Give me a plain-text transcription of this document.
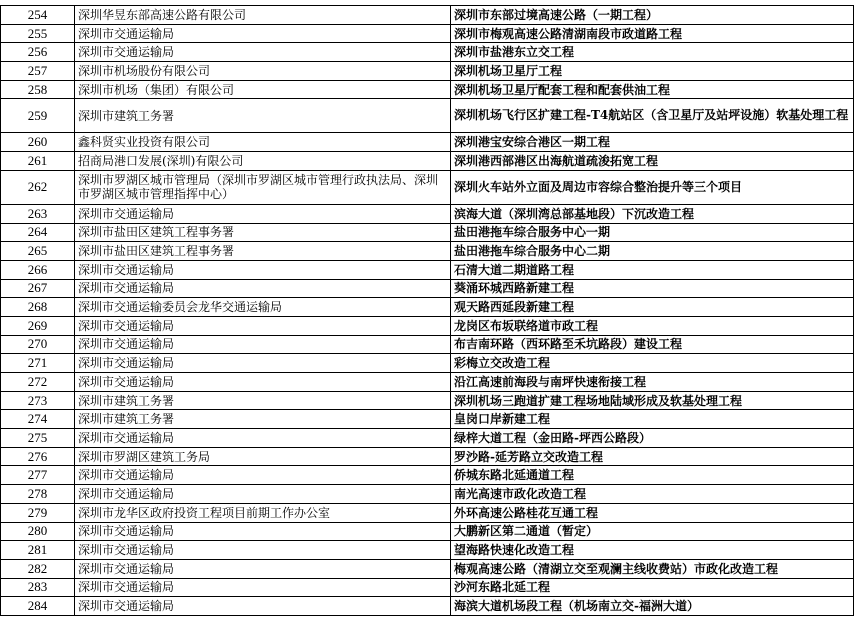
254	深圳华昱东部高速公路有限公司	深圳市东部过境高速公路（一期工程）
255	深圳市交通运输局	深圳市梅观高速公路清湖南段市政道路工程
256	深圳市交通运输局	深圳市盐港东立交工程
257	深圳市机场股份有限公司	深圳机场卫星厅工程
258	深圳市机场（集团）有限公司	深圳机场卫星厅配套工程和配套供油工程
259	深圳市建筑工务署	深圳机场飞行区扩建工程-T4航站区（含卫星厅及站坪设施）软基处理工程
260	鑫科贤实业投资有限公司	深圳港宝安综合港区一期工程
261	招商局港口发展(深圳)有限公司	深圳港西部港区出海航道疏浚拓宽工程
262	深圳市罗湖区城市管理局（深圳市罗湖区城市管理行政执法局、深圳市罗湖区城市管理指挥中心）	深圳火车站外立面及周边市容综合整治提升等三个项目
263	深圳市交通运输局	滨海大道（深圳湾总部基地段）下沉改造工程
264	深圳市盐田区建筑工程事务署	盐田港拖车综合服务中心一期
265	深圳市盐田区建筑工程事务署	盐田港拖车综合服务中心二期
266	深圳市交通运输局	石清大道二期道路工程
267	深圳市交通运输局	葵涌环城西路新建工程
268	深圳市交通运输委员会龙华交通运输局	观天路西延段新建工程
269	深圳市交通运输局	龙岗区布坂联络道市政工程
270	深圳市交通运输局	布吉南环路（西环路至禾坑路段）建设工程
271	深圳市交通运输局	彩梅立交改造工程
272	深圳市交通运输局	沿江高速前海段与南坪快速衔接工程
273	深圳市建筑工务署	深圳机场三跑道扩建工程场地陆域形成及软基处理工程
274	深圳市建筑工务署	皇岗口岸新建工程
275	深圳市交通运输局	绿梓大道工程（金田路-坪西公路段）
276	深圳市罗湖区建筑工务局	罗沙路-延芳路立交改造工程
277	深圳市交通运输局	侨城东路北延通道工程
278	深圳市交通运输局	南光高速市政化改造工程
279	深圳市龙华区政府投资工程项目前期工作办公室	外环高速公路桂花互通工程
280	深圳市交通运输局	大鹏新区第二通道（暂定）
281	深圳市交通运输局	望海路快速化改造工程
282	深圳市交通运输局	梅观高速公路（清湖立交至观澜主线收费站）市政化改造工程
283	深圳市交通运输局	沙河东路北延工程
284	深圳市交通运输局	海滨大道机场段工程（机场南立交-福洲大道）
